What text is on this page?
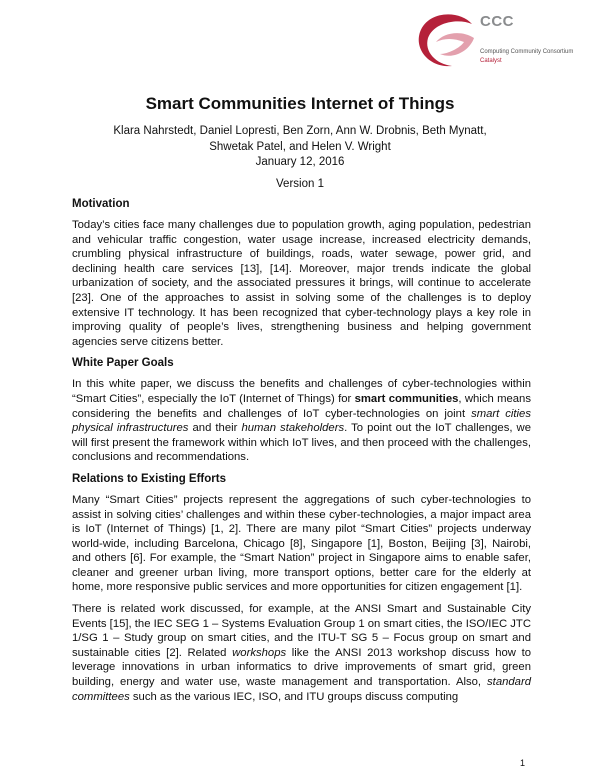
CCC
Computing Community Consortium
Catalyst
Smart Communities Internet of Things
Klara Nahrstedt, Daniel Lopresti, Ben Zorn, Ann W. Drobnis, Beth Mynatt, Shwetak Patel, and Helen V. Wright
January 12, 2016
Version 1
Motivation

Today’s cities face many challenges due to population growth, aging population, pedestrian and vehicular traffic congestion, water usage increase, increased electricity demands, crumbling physical infrastructure of buildings, roads, water sewage, power grid, and declining health care services [13], [14]. Moreover, major trends indicate the global urbanization of society, and the associated pressures it brings, will continue to accelerate [23]. One of the approaches to assist in solving some of the challenges is to deploy extensive IT technology. It has been recognized that cyber-technology plays a key role in improving quality of people’s lives, strengthening business and helping government agencies serve citizens better.

White Paper Goals

In this white paper, we discuss the benefits and challenges of cyber-technologies within “Smart Cities”, especially the IoT (Internet of Things) for smart communities, which means considering the benefits and challenges of IoT cyber-technologies on joint smart cities physical infrastructures and their human stakeholders. To point out the IoT challenges, we will first present the framework within which IoT lives, and then proceed with the challenges, conclusions and recommendations.

Relations to Existing Efforts

Many “Smart Cities” projects represent the aggregations of such cyber-technologies to assist in solving cities’ challenges and within these cyber-technologies, a major impact area is IoT (Internet of Things) [1, 2]. There are many pilot “Smart Cities” projects underway world-wide, including Barcelona, Chicago [8], Singapore [1], Boston, Beijing [3], Nairobi, and others [6]. For example, the “Smart Nation” project in Singapore aims to enable safer, cleaner and greener urban living, more transport options, better care for the elderly at home, more responsive public services and more opportunities for citizen engagement [1].

There is related work discussed, for example, at the ANSI Smart and Sustainable City Events [15], the IEC SEG 1 – Systems Evaluation Group 1 on smart cities, the ISO/IEC JTC 1/SG 1 – Study group on smart cities, and the ITU-T SG 5 – Focus group on smart and sustainable cities [2]. Related workshops like the ANSI 2013 workshop discuss how to leverage innovations in urban informatics to drive improvements of smart grid, green building, energy and water use, waste management and transportation. Also, standard committees such as the various IEC, ISO, and ITU groups discuss computing

1
